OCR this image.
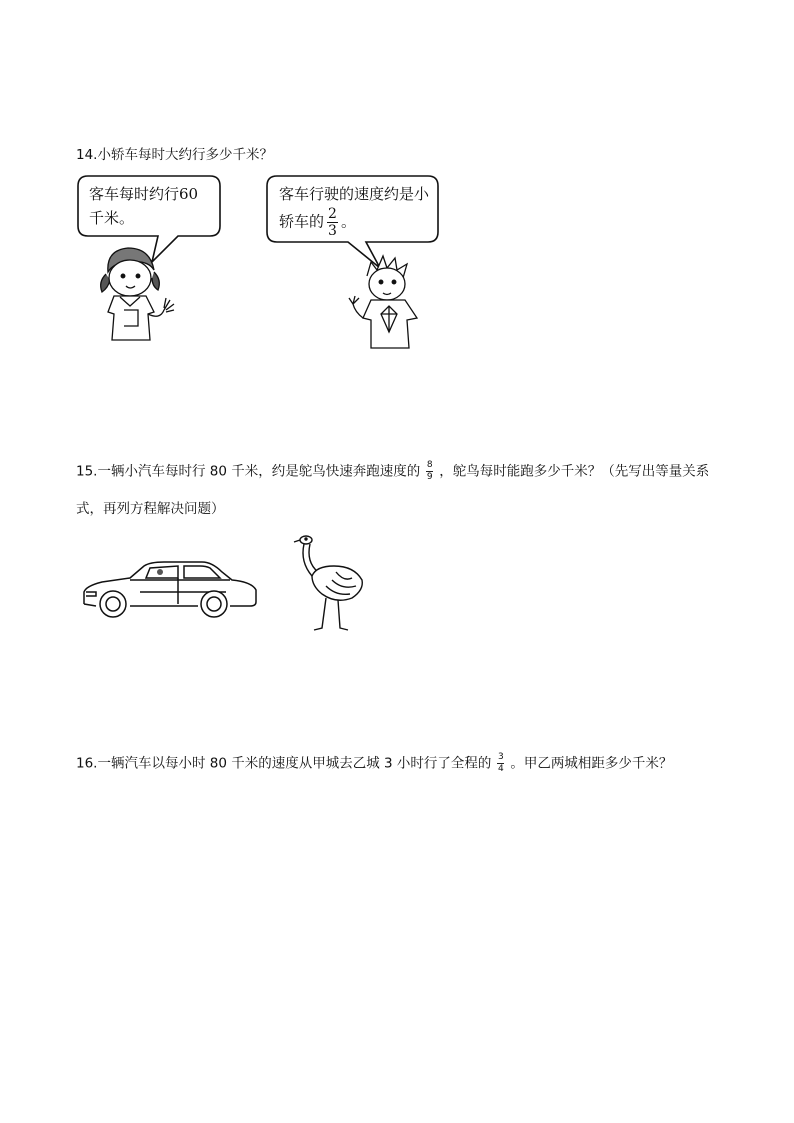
14.小轿车每时大约行多少千米？
客车每时约行60
千米。
客车行驶的速度约是小
轿车的 $\frac{2}{3}$ 。
15.一辆小汽车每时行 80 千米，约是鸵鸟快速奔跑速度的 $\frac{8}{9}$ ，鸵鸟每时能跑多少千米？（先写出等量关系
式，再列方程解决问题）
16.一辆汽车以每小时 80 千米的速度从甲城去乙城 3 小时行了全程的 $\frac{3}{4}$ 。甲乙两城相距多少千米？
